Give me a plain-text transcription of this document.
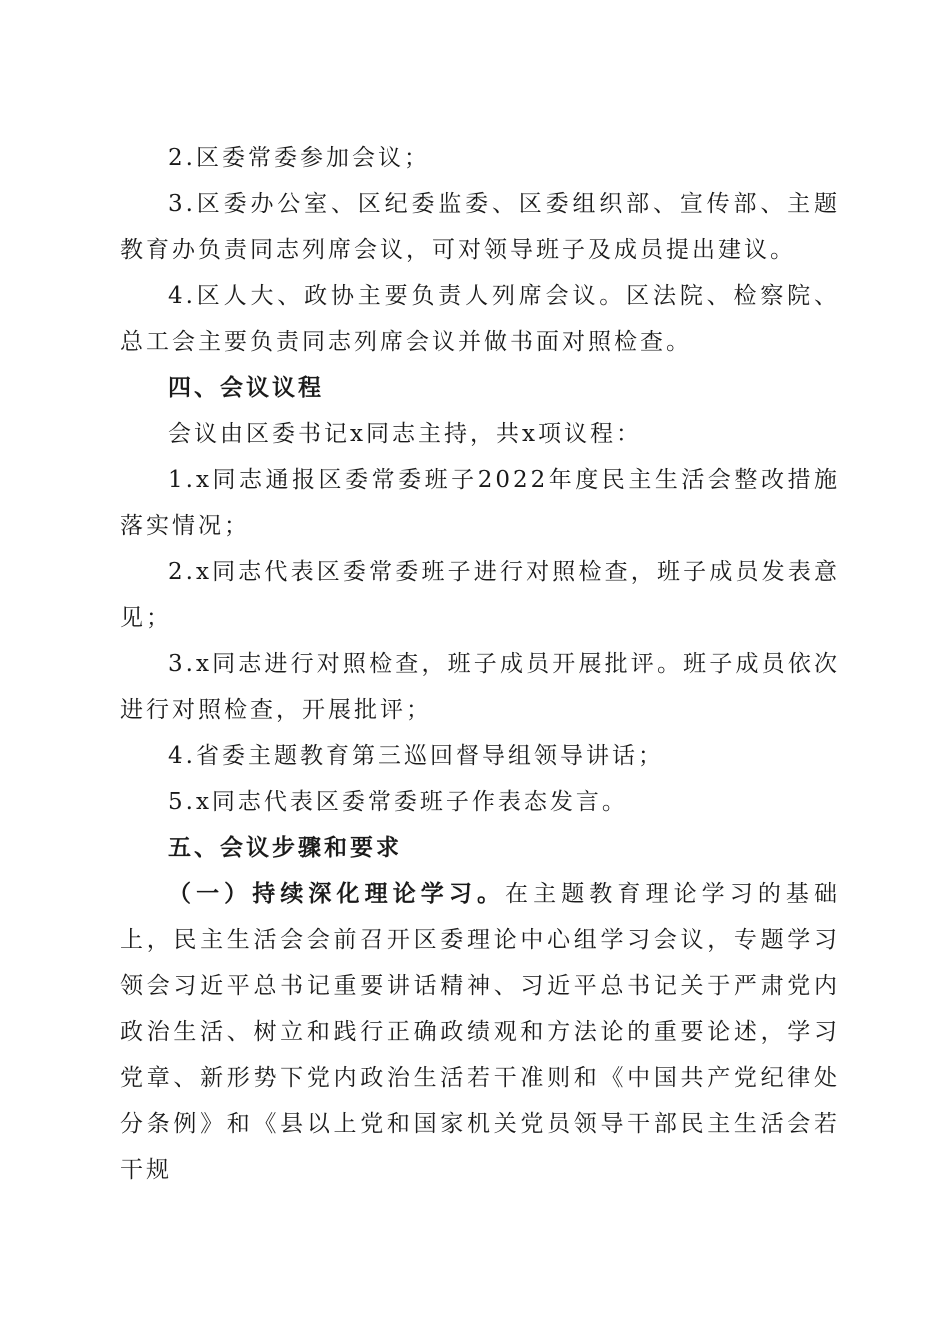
2.区委常委参加会议；

3.区委办公室、区纪委监委、区委组织部、宣传部、主题教育办负责同志列席会议，可对领导班子及成员提出建议。

4.区人大、政协主要负责人列席会议。区法院、检察院、总工会主要负责同志列席会议并做书面对照检查。

四、会议议程

会议由区委书记x同志主持，共x项议程：

1.x同志通报区委常委班子2022年度民主生活会整改措施落实情况；

2.x同志代表区委常委班子进行对照检查，班子成员发表意见；

3.x同志进行对照检查，班子成员开展批评。班子成员依次进行对照检查，开展批评；

4.省委主题教育第三巡回督导组领导讲话；

5.x同志代表区委常委班子作表态发言。

五、会议步骤和要求

（一）持续深化理论学习。在主题教育理论学习的基础上，民主生活会会前召开区委理论中心组学习会议，专题学习领会习近平总书记重要讲话精神、习近平总书记关于严肃党内政治生活、树立和践行正确政绩观和方法论的重要论述，学习党章、新形势下党内政治生活若干准则和《中国共产党纪律处分条例》和《县以上党和国家机关党员领导干部民主生活会若干规
